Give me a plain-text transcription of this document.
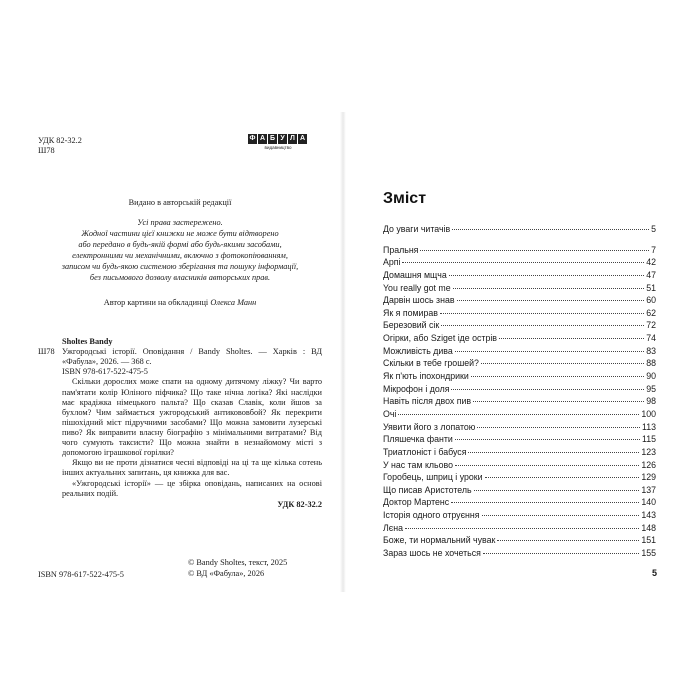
УДК 82-32.2
Ш78
Ф А Б У Л А
видавництво
Видано в авторській редакції
Усі права застережено.
Жодної частини цієї книжки не може бути відтворено
або передано в будь-якій формі або будь-якими засобами,
електронними чи механічними, включно з фотокопіюванням,
записом чи будь-якою системою зберігання та пошуку інформації,
без письмового дозволу власників авторських прав.
Автор картини на обкладинці Олекса Манн
Sholtes Bandy
Ш78 Ужгородські історії. Оповідання / Bandy Sholtes. — Харків : ВД «Фабула», 2026. — 368 с.
ISBN 978-617-522-475-5
Скільки дорослих може спати на одному дитячому ліжку? Чи варто пам'ятати колір Юліного піфчика? Що таке нічна логіка? Які наслідки має крадіжка німецького пальта? Що сказав Славік, коли йшов за бухлом? Чим займається ужгородський антикововбой? Як перекрити пішохідний міст підручними засобами? Що можна замовити лузерські пиво? Як виправити власну біографію з мінімальними витратами? Від чого сумують таксисти? Що можна знайти в незнайомому місті з допомогою іграшкової горілки?
Якщо ви не проти дізнатися чесні відповіді на ці та ще кілька сотень інших актуальних запитань, ця книжка для вас.
«Ужгородські історії» — це збірка оповідань, написаних на основі реальних подій.
УДК 82-32.2
ISBN 978-617-522-475-5
© Bandy Sholtes, текст, 2025
© ВД «Фабула», 2026
Зміст
До уваги читачів	5
Пральня	7
Арпі	42
Домашня мщча	47
You really got me	51
Дарвін шось знав	60
Як я помирав	62
Березовий сік	72
Огірки, або Sziget іде острів	74
Можливість дива	83
Скільки в тебе грошей?	88
Як п'ють іпохондрики	90
Мікрофон і доля	95
Навіть після двох пив	98
Очі	100
Уявити його з лопатою	113
Пляшечка фанти	115
Триатлоніст і бабуся	123
У нас там кльово	126
Горобець, шприц і уроки	129
Що писав Аристотель	137
Доктор Мартенс	140
Історія одного отруєння	143
Лєна	148
Боже, ти нормальний чувак	151
Зараз шось не хочеться	155
5
